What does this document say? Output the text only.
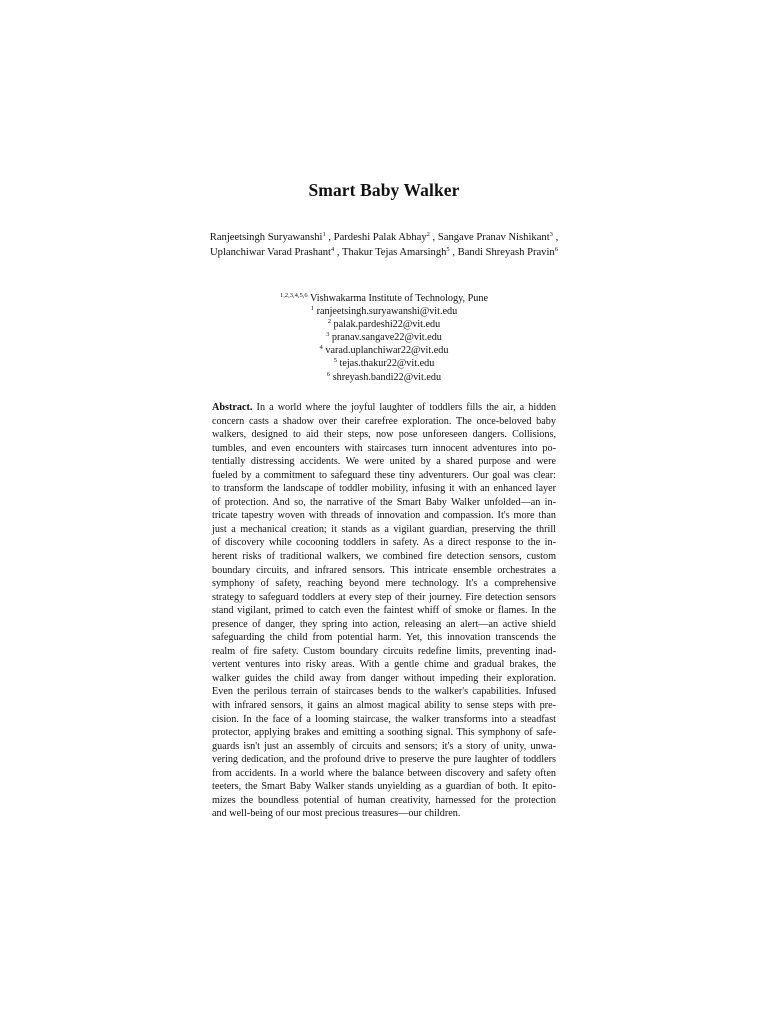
Smart Baby Walker
Ranjeetsingh Suryawanshi$^1$ , Pardeshi Palak Abhay$^2$ , Sangave Pranav Nishikant$^3$ ,
Uplanchiwar Varad Prashant$^4$ , Thakur Tejas Amarsingh$^5$ , Bandi Shreyash Pravin$^6$
$^{1,2,3,4,5,6}$ Vishwakarma Institute of Technology, Pune
$^1$ ranjeetsingh.suryawanshi@vit.edu
$^2$ palak.pardeshi22@vit.edu
$^3$ pranav.sangave22@vit.edu
$^4$ varad.uplanchiwar22@vit.edu
$^5$ tejas.thakur22@vit.edu
$^6$ shreyash.bandi22@vit.edu
Abstract. In a world where the joyful laughter of toddlers fills the air, a hidden
concern casts a shadow over their carefree exploration. The once-beloved baby
walkers, designed to aid their steps, now pose unforeseen dangers. Collisions,
tumbles, and even encounters with staircases turn innocent adventures into po-
tentially distressing accidents. We were united by a shared purpose and were
fueled by a commitment to safeguard these tiny adventurers. Our goal was clear:
to transform the landscape of toddler mobility, infusing it with an enhanced layer
of protection. And so, the narrative of the Smart Baby Walker unfolded—an in-
tricate tapestry woven with threads of innovation and compassion. It's more than
just a mechanical creation; it stands as a vigilant guardian, preserving the thrill
of discovery while cocooning toddlers in safety. As a direct response to the in-
herent risks of traditional walkers, we combined fire detection sensors, custom
boundary circuits, and infrared sensors. This intricate ensemble orchestrates a
symphony of safety, reaching beyond mere technology. It's a comprehensive
strategy to safeguard toddlers at every step of their journey. Fire detection sensors
stand vigilant, primed to catch even the faintest whiff of smoke or flames. In the
presence of danger, they spring into action, releasing an alert—an active shield
safeguarding the child from potential harm. Yet, this innovation transcends the
realm of fire safety. Custom boundary circuits redefine limits, preventing inad-
vertent ventures into risky areas. With a gentle chime and gradual brakes, the
walker guides the child away from danger without impeding their exploration.
Even the perilous terrain of staircases bends to the walker's capabilities. Infused
with infrared sensors, it gains an almost magical ability to sense steps with pre-
cision. In the face of a looming staircase, the walker transforms into a steadfast
protector, applying brakes and emitting a soothing signal. This symphony of safe-
guards isn't just an assembly of circuits and sensors; it's a story of unity, unwa-
vering dedication, and the profound drive to preserve the pure laughter of toddlers
from accidents. In a world where the balance between discovery and safety often
teeters, the Smart Baby Walker stands unyielding as a guardian of both. It epito-
mizes the boundless potential of human creativity, harnessed for the protection
and well-being of our most precious treasures—our children.
